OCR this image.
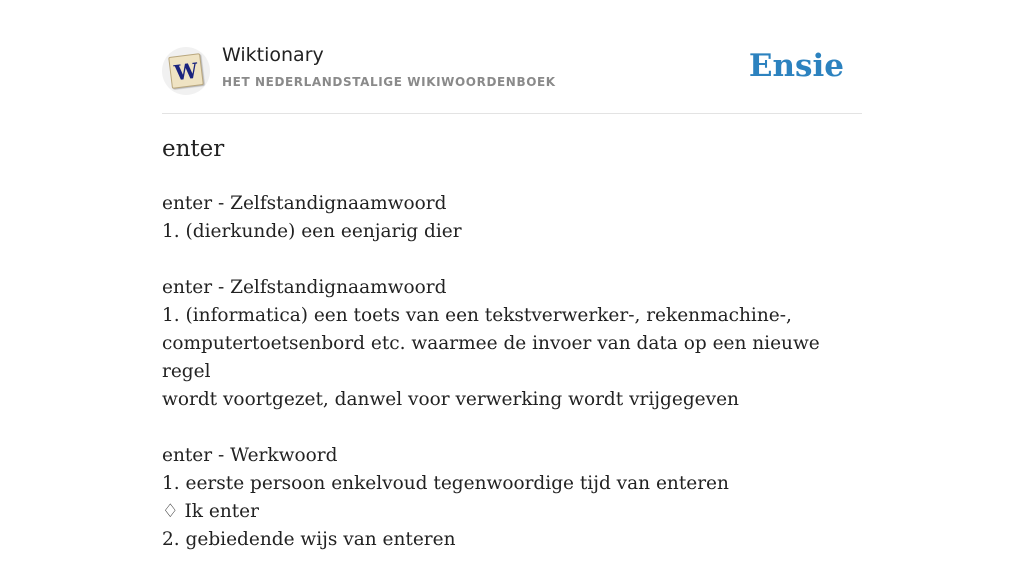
W
Wiktionary
HET NEDERLANDSTALIGE WIKIWOORDENBOEK	Ensie
enter
enter - Zelfstandignaamwoord
1. (dierkunde) een eenjarig dier
enter - Zelfstandignaamwoord
1. (informatica) een toets van een tekstverwerker-, rekenmachine-,
computertoetsenbord etc. waarmee de invoer van data op een nieuwe regel
wordt voortgezet, danwel voor verwerking wordt vrijgegeven
enter - Werkwoord
1. eerste persoon enkelvoud tegenwoordige tijd van enteren
♢ Ik enter
2. gebiedende wijs van enteren
